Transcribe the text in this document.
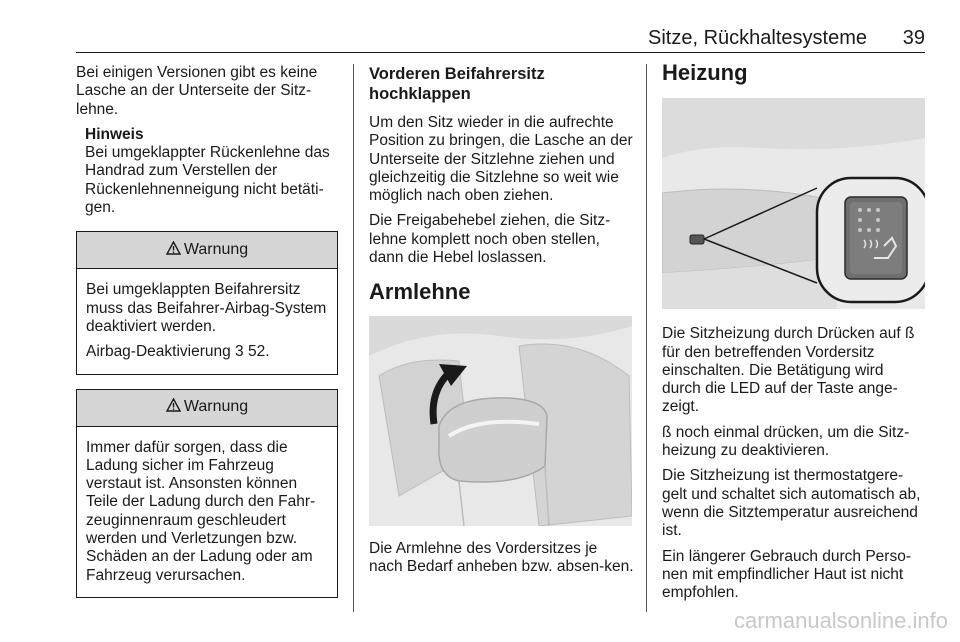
Sitze, Rückhaltesysteme 39

Bei einigen Versionen gibt es keine Lasche an der Unterseite der Sitz-lehne.

Hinweis
Bei umgeklappter Rückenlehne das Handrad zum Verstellen der Rückenlehnenneigung nicht betäti-gen.
Warnung

Bei umgeklappten Beifahrersitz muss das Beifahrer-Airbag-System deaktiviert werden.

Airbag-Deaktivierung 3 52.

Warnung

Immer dafür sorgen, dass die Ladung sicher im Fahrzeug verstaut ist. Ansonsten können Teile der Ladung durch den Fahr-zeuginnenraum geschleudert werden und Verletzungen bzw. Schäden an der Ladung oder am Fahrzeug verursachen.

Vorderen Beifahrersitz hochklappen

Um den Sitz wieder in die aufrechte Position zu bringen, die Lasche an der Unterseite der Sitzlehne ziehen und gleichzeitig die Sitzlehne so weit wie möglich nach oben ziehen.

Die Freigabehebel ziehen, die Sitz-lehne komplett noch oben stellen, dann die Hebel loslassen.

Armlehne

Die Armlehne des Vordersitzes je nach Bedarf anheben bzw. absen-ken.

Heizung

Die Sitzheizung durch Drücken auf ß für den betreffenden Vordersitz einschalten. Die Betätigung wird durch die LED auf der Taste ange-zeigt.

ß noch einmal drücken, um die Sitz-heizung zu deaktivieren.

Die Sitzheizung ist thermostatgere-gelt und schaltet sich automatisch ab, wenn die Sitztemperatur ausreichend ist.

Ein längerer Gebrauch durch Perso-nen mit empfindlicher Haut ist nicht empfohlen.

carmanualsonline.info
